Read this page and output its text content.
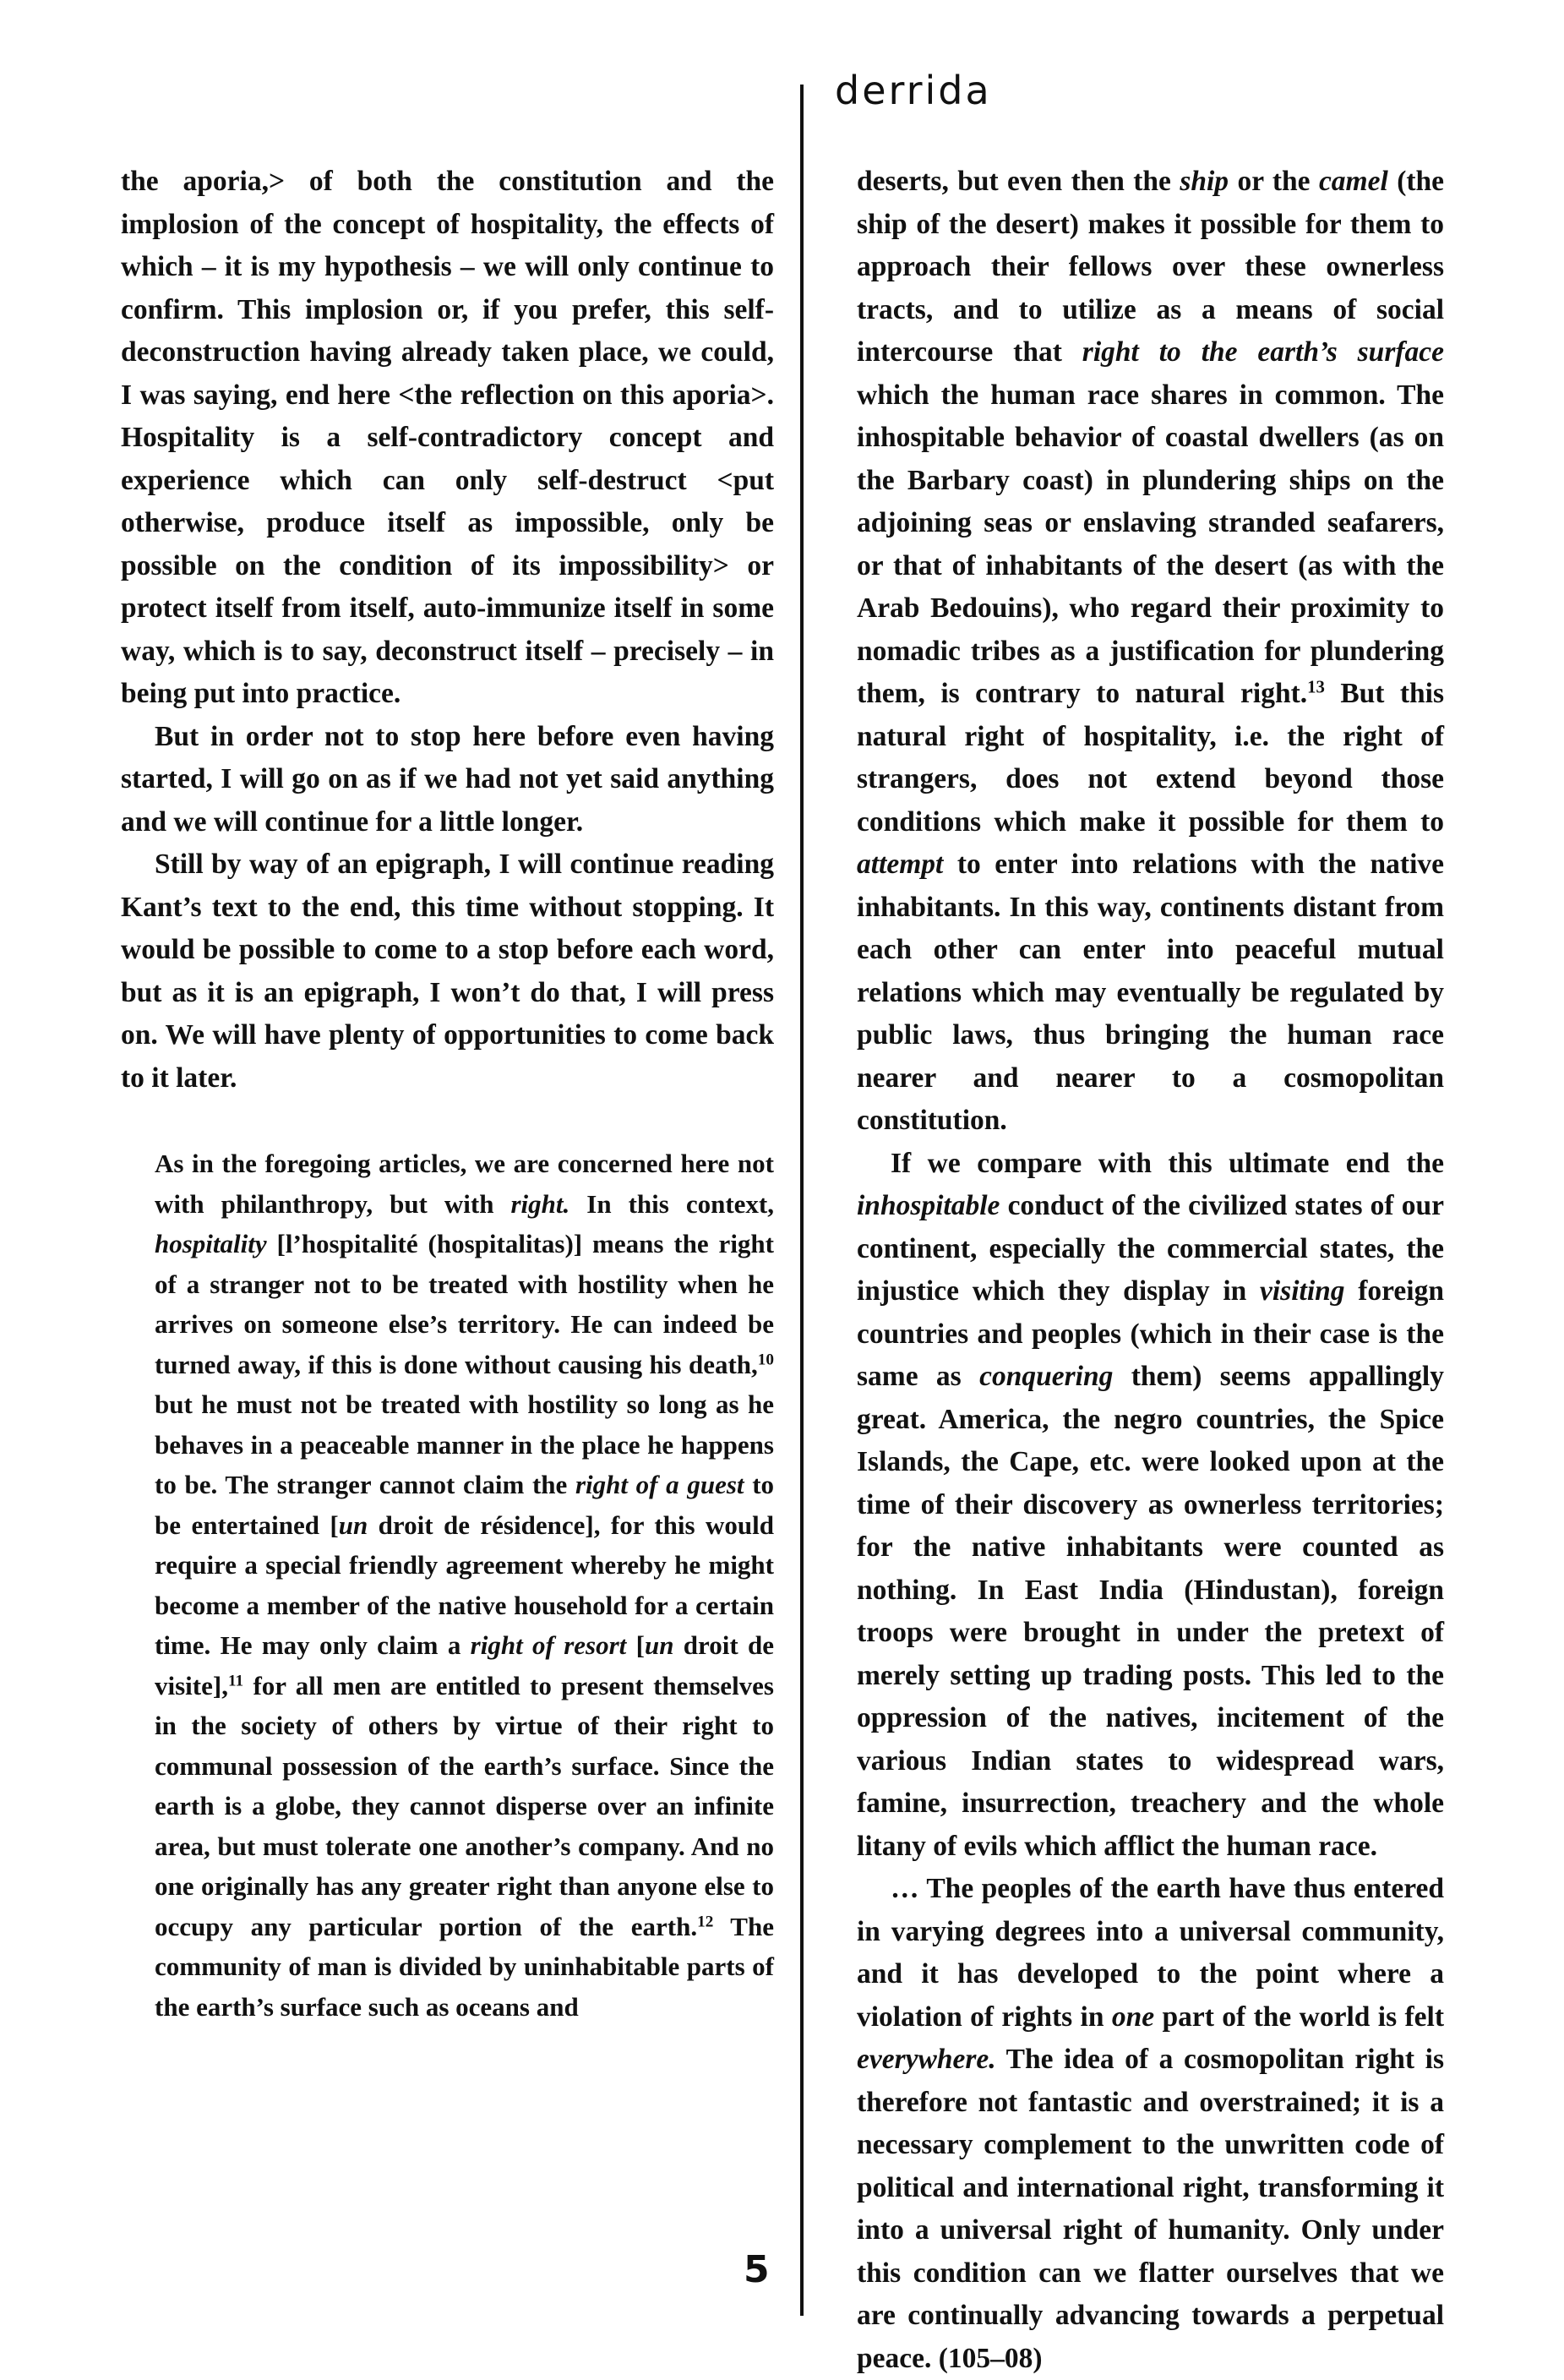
derrida

the aporia,> of both the constitution and the implosion of the concept of hospitality, the effects of which – it is my hypothesis – we will only continue to confirm. This implosion or, if you prefer, this self-deconstruction having already taken place, we could, I was saying, end here <the reflection on this aporia>. Hospitality is a self-contradictory concept and experience which can only self-destruct <put otherwise, produce itself as impossible, only be possible on the condition of its impossibility> or protect itself from itself, auto-immunize itself in some way, which is to say, deconstruct itself – precisely – in being put into practice.

But in order not to stop here before even having started, I will go on as if we had not yet said anything and we will continue for a little longer.

Still by way of an epigraph, I will continue reading Kant’s text to the end, this time without stopping. It would be possible to come to a stop before each word, but as it is an epigraph, I won’t do that, I will press on. We will have plenty of opportunities to come back to it later.

As in the foregoing articles, we are concerned here not with philanthropy, but with right. In this context, hospitality [l’hospitalité (hospitalitas)] means the right of a stranger not to be treated with hostility when he arrives on someone else’s territory. He can indeed be turned away, if this is done without causing his death,$^{10}$ but he must not be treated with hostility so long as he behaves in a peaceable manner in the place he happens to be. The stranger cannot claim the right of a guest to be entertained [un droit de résidence], for this would require a special friendly agreement whereby he might become a member of the native household for a certain time. He may only claim a right of resort [un droit de visite],$^{11}$ for all men are entitled to present themselves in the society of others by virtue of their right to communal possession of the earth’s surface. Since the earth is a globe, they cannot disperse over an infinite area, but must tolerate one another’s company. And no one originally has any greater right than anyone else to occupy any particular portion of the earth.$^{12}$ The community of man is divided by uninhabitable parts of the earth’s surface such as oceans and

deserts, but even then the ship or the camel (the ship of the desert) makes it possible for them to approach their fellows over these ownerless tracts, and to utilize as a means of social intercourse that right to the earth’s surface which the human race shares in common. The inhospitable behavior of coastal dwellers (as on the Barbary coast) in plundering ships on the adjoining seas or enslaving stranded seafarers, or that of inhabitants of the desert (as with the Arab Bedouins), who regard their proximity to nomadic tribes as a justification for plundering them, is contrary to natural right.$^{13}$ But this natural right of hospitality, i.e. the right of strangers, does not extend beyond those conditions which make it possible for them to attempt to enter into relations with the native inhabitants. In this way, continents distant from each other can enter into peaceful mutual relations which may eventually be regulated by public laws, thus bringing the human race nearer and nearer to a cosmopolitan constitution.

If we compare with this ultimate end the inhospitable conduct of the civilized states of our continent, especially the commercial states, the injustice which they display in visiting foreign countries and peoples (which in their case is the same as conquering them) seems appallingly great. America, the negro countries, the Spice Islands, the Cape, etc. were looked upon at the time of their discovery as ownerless territories; for the native inhabitants were counted as nothing. In East India (Hindustan), foreign troops were brought in under the pretext of merely setting up trading posts. This led to the oppression of the natives, incitement of the various Indian states to widespread wars, famine, insurrection, treachery and the whole litany of evils which afflict the human race.

… The peoples of the earth have thus entered in varying degrees into a universal community, and it has developed to the point where a violation of rights in one part of the world is felt everywhere. The idea of a cosmopolitan right is therefore not fantastic and overstrained; it is a necessary complement to the unwritten code of political and international right, transforming it into a universal right of humanity. Only under this condition can we flatter ourselves that we are continually advancing towards a perpetual peace. (105–08)

5
